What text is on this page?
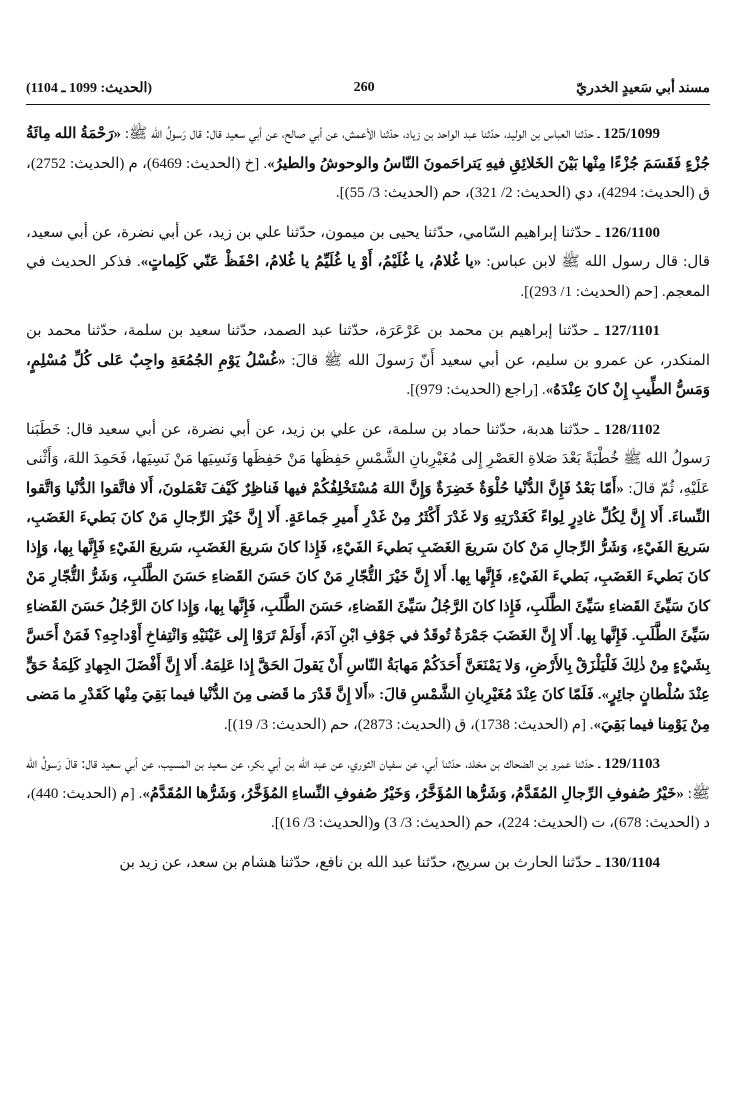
مسند أبي سَعيدٍ الخدريّ
260
(الحديث: 1099 ـ 1104)

125/1099 ـ حدّثنا العباس بن الوليد، حدّثنا عبد الواحد بن زياد، حدّثنا الأعمش، عن أبي صالح، عن أبي سعيد قال: قال رَسولُ الله ﷺ: «رَحْمَةُ الله مِائَةُ جُزْءٍ فَقَسَمَ جُزْءًا مِنْها بَيْنَ الخَلائِقِ فيهِ يَتراحَمونَ النّاسُ والوحوشُ والطيرُ». [خ (الحديث: 6469)، م (الحديث: 2752)، ق (الحديث: 4294)، دي (الحديث: 2/ 321)، حم (الحديث: 3/ 55)].

126/1100 ـ حدّثنا إبراهيم السّامي، حدّثنا يحيى بن ميمون، حدّثنا علي بن زيد، عن أبي نضرة، عن أبي سعيد، قال: قال رسول الله ﷺ لابن عباس: «يا غُلامُ، يا غُلَيْمُ، أَوْ يا غُلَيِّمُ يا غُلامُ، احْفَظْ عَنّي كَلِماتٍ». فذكر الحديث في المعجم. [حم (الحديث: 1/ 293)].

127/1101 ـ حدّثنا إبراهيم بن محمد بن عَرْعَرَة، حدّثنا عبد الصمد، حدّثنا سعيد بن سلمة، حدّثنا محمد بن المنكدر، عن عمرو بن سليم، عن أبي سعيد أَنّ رَسولَ الله ﷺ قالَ: «غُسْلُ يَوْمِ الجُمُعَةِ واجِبٌ عَلى كُلِّ مُسْلِمٍ، وَمَسُّ الطِّيبِ إِنْ كانَ عِنْدَهُ». [راجع (الحديث: 979)].

128/1102 ـ حدّثنا هدبة، حدّثنا حماد بن سلمة، عن علي بن زيد، عن أبي نضرة، عن أبي سعيد قال: خَطَبَنا رَسولُ الله ﷺ خُطْبَةً بَعْدَ صَلاةِ العَصْرِ إِلى مُغَيْرِبانِ الشَّمْسِ حَفِظَها مَنْ حَفِظَها وَنَسِيَها مَنْ نَسِيَها، فَحَمِدَ اللهَ، وَأَثْنى عَلَيْهِ، ثُمّ قالَ: «أَمّا بَعْدُ فَإِنَّ الدُّنْيا حُلْوَةٌ خَضِرَةٌ وَإِنَّ اللهَ مُسْتَخْلِفُكُمْ فيها فَناظِرٌ كَيْفَ تَعْمَلونَ، أَلا فاتَّقوا الدُّنْيا وَاتَّقوا النِّساءَ. أَلا إِنَّ لِكُلِّ غادِرٍ لِواءً كَغَدْرَتِهِ وَلا غَدْرَ أَكْثَرُ مِنْ غَدْرِ أَميرِ جَماعَةٍ. أَلا إِنَّ خَيْرَ الرِّجالِ مَنْ كانَ بَطيءَ الغَضَبِ، سَريعَ الفَيْءِ، وَشَرُّ الرِّجالِ مَنْ كانَ سَريعَ الغَضَبِ بَطيءَ الفَيْءِ، فَإِذا كانَ سَريعَ الغَضَبِ، سَريعَ الفَيْءِ فَإِنَّها بِها، وَإِذا كانَ بَطيءَ الغَضَبِ، بَطيءَ الفَيْءِ، فَإِنَّها بِها. أَلا إِنَّ خَيْرَ التُّجّارِ مَنْ كانَ حَسَنَ القَضاءِ حَسَنَ الطَّلَبِ، وَشَرُّ التُّجّارِ مَنْ كانَ سَيِّئَ القَضاءِ سَيِّئَ الطَّلَبِ، فَإِذا كانَ الرَّجُلُ سَيِّئَ القَضاءِ، حَسَنَ الطَّلَبِ، فَإِنَّها بِها، وَإِذا كانَ الرَّجُلُ حَسَنَ القَضاءِ سَيِّئَ الطَّلَبِ. فَإِنَّها بِها. أَلا إِنَّ الغَضَبَ جَمْرَةٌ تُوقَدُ في جَوْفِ ابْنِ آدَمَ، أَوَلَمْ تَرَوْا إِلى عَيْنَيْهِ وَانْتِفاخِ أَوْداجِهِ؟ فَمَنْ أَحَسَّ بِشَيْءٍ مِنْ ذٰلِكَ فَلْيَلْزَقْ بِالأَرْضِ، وَلا يَمْنَعَنَّ أَحَدَكُمْ مَهابَةُ النّاسِ أَنْ يَقولَ الحَقَّ إِذا عَلِمَهُ. أَلا إِنَّ أَفْضَلَ الجِهادِ كَلِمَةُ حَقٍّ عِنْدَ سُلْطانٍ جائِرٍ». فَلَمّا كانَ عِنْدَ مُغَيْرِبانِ الشَّمْسِ قالَ: «أَلا إِنَّ قَدْرَ ما قَضى مِنَ الدُّنْيا فيما بَقِيَ مِنْها كَقَدْرِ ما مَضى مِنْ يَوْمِنا فيما بَقِيَ». [م (الحديث: 1738)، ق (الحديث: 2873)، حم (الحديث: 3/ 19)].

129/1103 ـ حدّثنا عمرو بن الضحاك بن مخلد، حدّثنا أبي، عن سفيان الثوري، عن عبد الله بن أبي بكر، عن سعيد بن المسيب، عن أبي سعيد قال: قالَ رَسولُ الله ﷺ: «خَيْرُ صُفوفِ الرِّجالِ المُقَدَّمُ، وَشَرُّها المُؤَخَّرُ، وَخَيْرُ صُفوفِ النِّساءِ المُؤَخَّرُ، وَشَرُّها المُقَدَّمُ». [م (الحديث: 440)، د (الحديث: 678)، ت (الحديث: 224)، حم (الحديث: 3/ 3) و(الحديث: 3/ 16)].

130/1104 ـ حدّثنا الحارث بن سريج، حدّثنا عبد الله بن نافع، حدّثنا هشام بن سعد، عن زيد بن
